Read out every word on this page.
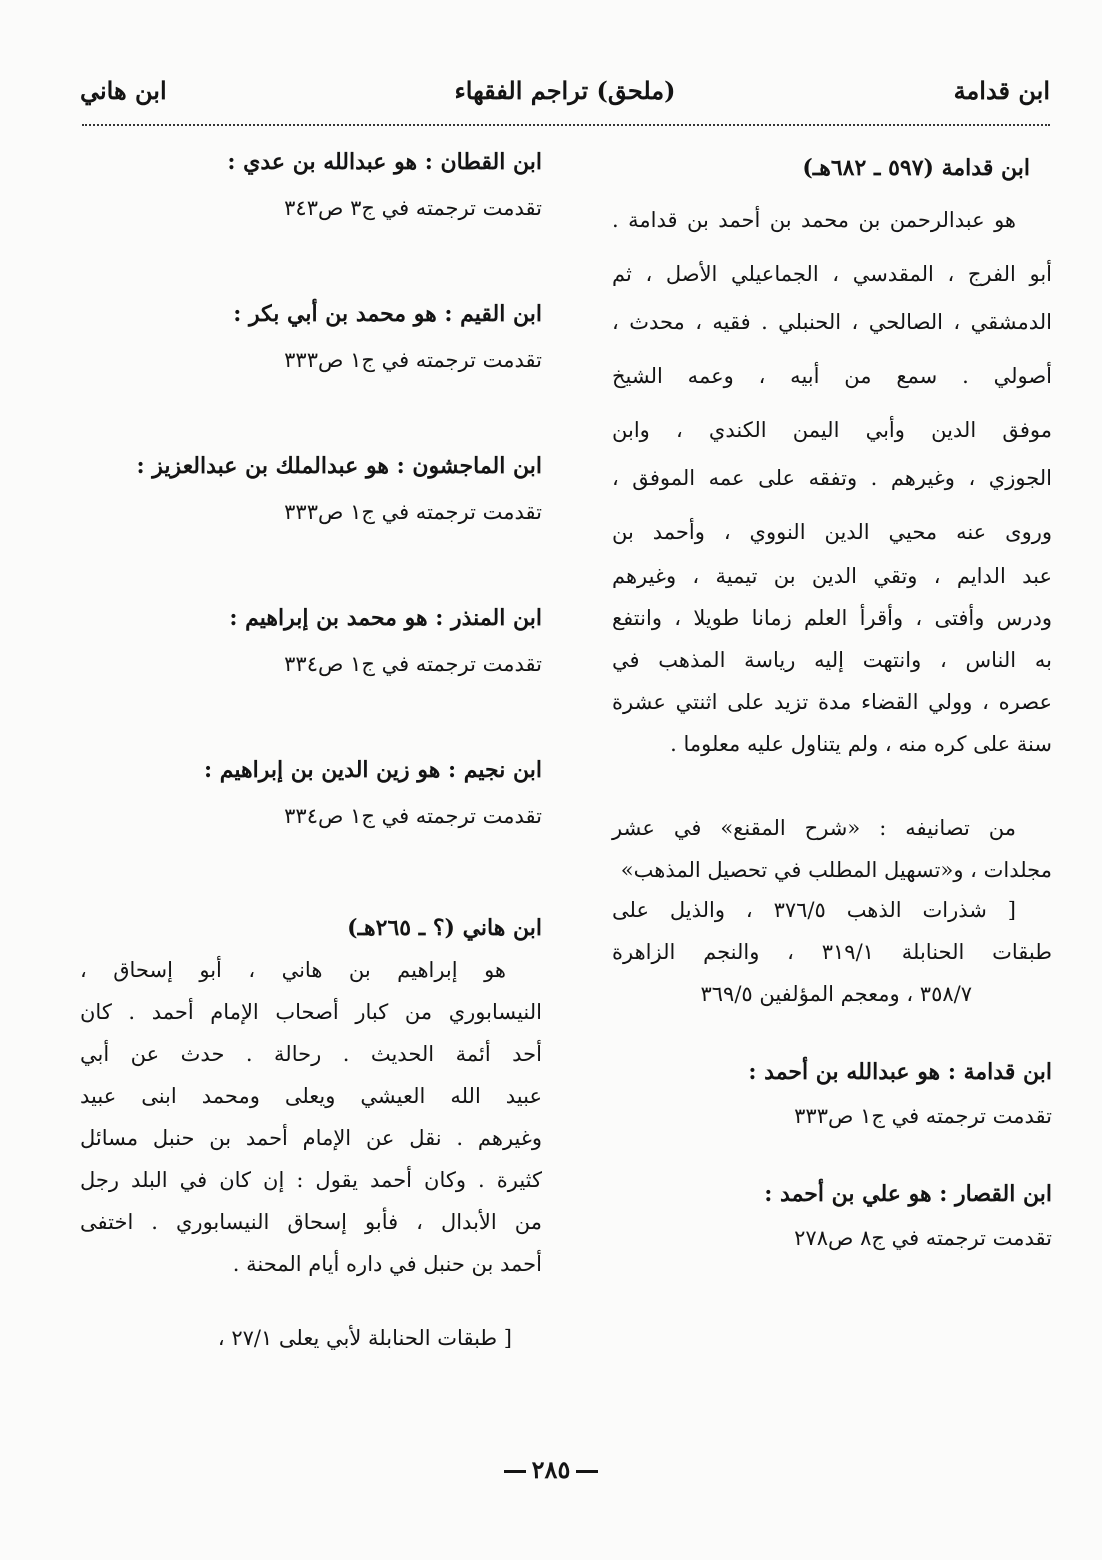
ابن قدامة
(ملحق) تراجم الفقهاء
ابن هاني
ابن قدامة (٥٩٧ ـ ٦٨٢هـ)
هو عبدالرحمن بن محمد بن أحمد بن قدامة .
أبو الفرج ، المقدسي ، الجماعيلي الأصل ، ثم
الدمشقي ، الصالحي ، الحنبلي . فقيه ، محدث ،
أصولي . سمع من أبيه ، وعمه الشيخ
موفق الدين وأبي اليمن الكندي ، وابن
الجوزي ، وغيرهم . وتفقه على عمه الموفق ،
وروى عنه محيي الدين النووي ، وأحمد بن
عبد الدايم ، وتقي الدين بن تيمية ، وغيرهم
ودرس وأفتى ، وأقرأ العلم زمانا طويلا ، وانتفع
به الناس ، وانتهت إليه رياسة المذهب في
عصره ، وولي القضاء مدة تزيد على اثنتي عشرة
سنة على كره منه ، ولم يتناول عليه معلوما .
من تصانيفه : «شرح المقنع» في عشر
مجلدات ، و«تسهيل المطلب في تحصيل المذهب»
[ شذرات الذهب ٣٧٦/٥ ، والذيل على
طبقات الحنابلة ٣١٩/١ ، والنجم الزاهرة
٣٥٨/٧ ، ومعجم المؤلفين ٣٦٩/٥
ابن قدامة : هو عبدالله بن أحمد :
تقدمت ترجمته في ج١ ص٣٣٣
ابن القصار : هو علي بن أحمد :
تقدمت ترجمته في ج٨ ص٢٧٨
ابن القطان : هو عبدالله بن عدي :
تقدمت ترجمته في ج٣ ص٣٤٣
ابن القيم : هو محمد بن أبي بكر :
تقدمت ترجمته في ج١ ص٣٣٣
ابن الماجشون : هو عبدالملك بن عبدالعزيز :
تقدمت ترجمته في ج١ ص٣٣٣
ابن المنذر : هو محمد بن إبراهيم :
تقدمت ترجمته في ج١ ص٣٣٤
ابن نجيم : هو زين الدين بن إبراهيم :
تقدمت ترجمته في ج١ ص٣٣٤
ابن هاني (؟ ـ ٢٦٥هـ)
هو إبراهيم بن هاني ، أبو إسحاق ،
النيسابوري من كبار أصحاب الإمام أحمد . كان
أحد أئمة الحديث . رحالة . حدث عن أبي
عبيد الله العيشي ويعلى ومحمد ابنى عبيد
وغيرهم . نقل عن الإمام أحمد بن حنبل مسائل
كثيرة . وكان أحمد يقول : إن كان في البلد رجل
من الأبدال ، فأبو إسحاق النيسابوري . اختفى
أحمد بن حنبل في داره أيام المحنة .
[ طبقات الحنابلة لأبي يعلى ٢٧/١ ،
٢٨٥
